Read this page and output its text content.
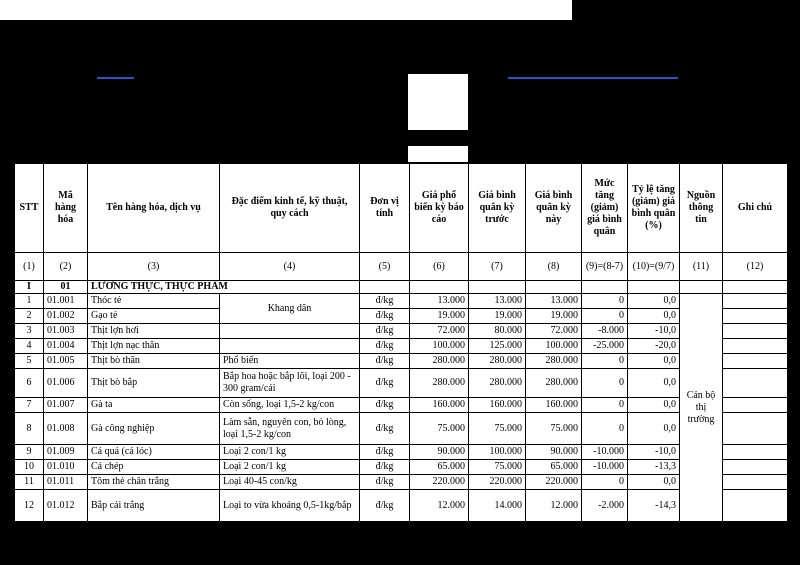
STT	Mã hàng hóa	Tên hàng hóa, dịch vụ	Đặc điểm kinh tế, kỹ thuật, quy cách	Đơn vị tính	Giá phổ biến kỳ báo cáo	Giá bình quân kỳ trước	Giá bình quân kỳ này	Mức tăng (giảm) giá bình quân	Tỷ lệ tăng (giảm) giá bình quân (%)	Nguồn thông tin	Ghi chú
(1)	(2)	(3)	(4)	(5)	(6)	(7)	(8)	(9)=(8-7)	(10)=(9/7)	(11)	(12)
I	01	LƯƠNG THỰC, THỰC PHẨM									
1	01.001	Thóc tẻ	Khang dân	đ/kg	13.000	13.000	13.000	0	0,0	Cán bộ thị trường	
2	01.002	Gạo tẻ		đ/kg	19.000	19.000	19.000	0	0,0		
3	01.003	Thịt lợn hơi		đ/kg	72.000	80.000	72.000	-8.000	-10,0		
4	01.004	Thịt lợn nạc thăn		đ/kg	100.000	125.000	100.000	-25.000	-20,0		
5	01.005	Thịt bò thăn	Phổ biến	đ/kg	280.000	280.000	280.000	0	0,0		
6	01.006	Thịt bò bắp	Bắp hoa hoặc bắp lõi, loại 200 - 300 gram/cái	đ/kg	280.000	280.000	280.000	0	0,0		
7	01.007	Gà ta	Còn sống, loại 1,5-2 kg/con	đ/kg	160.000	160.000	160.000	0	0,0		
8	01.008	Gà công nghiệp	Làm sẵn, nguyên con, bỏ lòng, loại 1,5-2 kg/con	đ/kg	75.000	75.000	75.000	0	0,0		
9	01.009	Cá quả (cá lóc)	Loại 2 con/1 kg	đ/kg	90.000	100.000	90.000	-10.000	-10,0		
10	01.010	Cá chép	Loại 2 con/1 kg	đ/kg	65.000	75.000	65.000	-10.000	-13,3		
11	01.011	Tôm thẻ chân trắng	Loại 40-45 con/kg	đ/kg	220.000	220.000	220.000	0	0,0		
12	01.012	Bắp cải trắng	Loại to vừa khoảng 0,5-1kg/bắp	đ/kg	12.000	14.000	12.000	-2.000	-14,3		
